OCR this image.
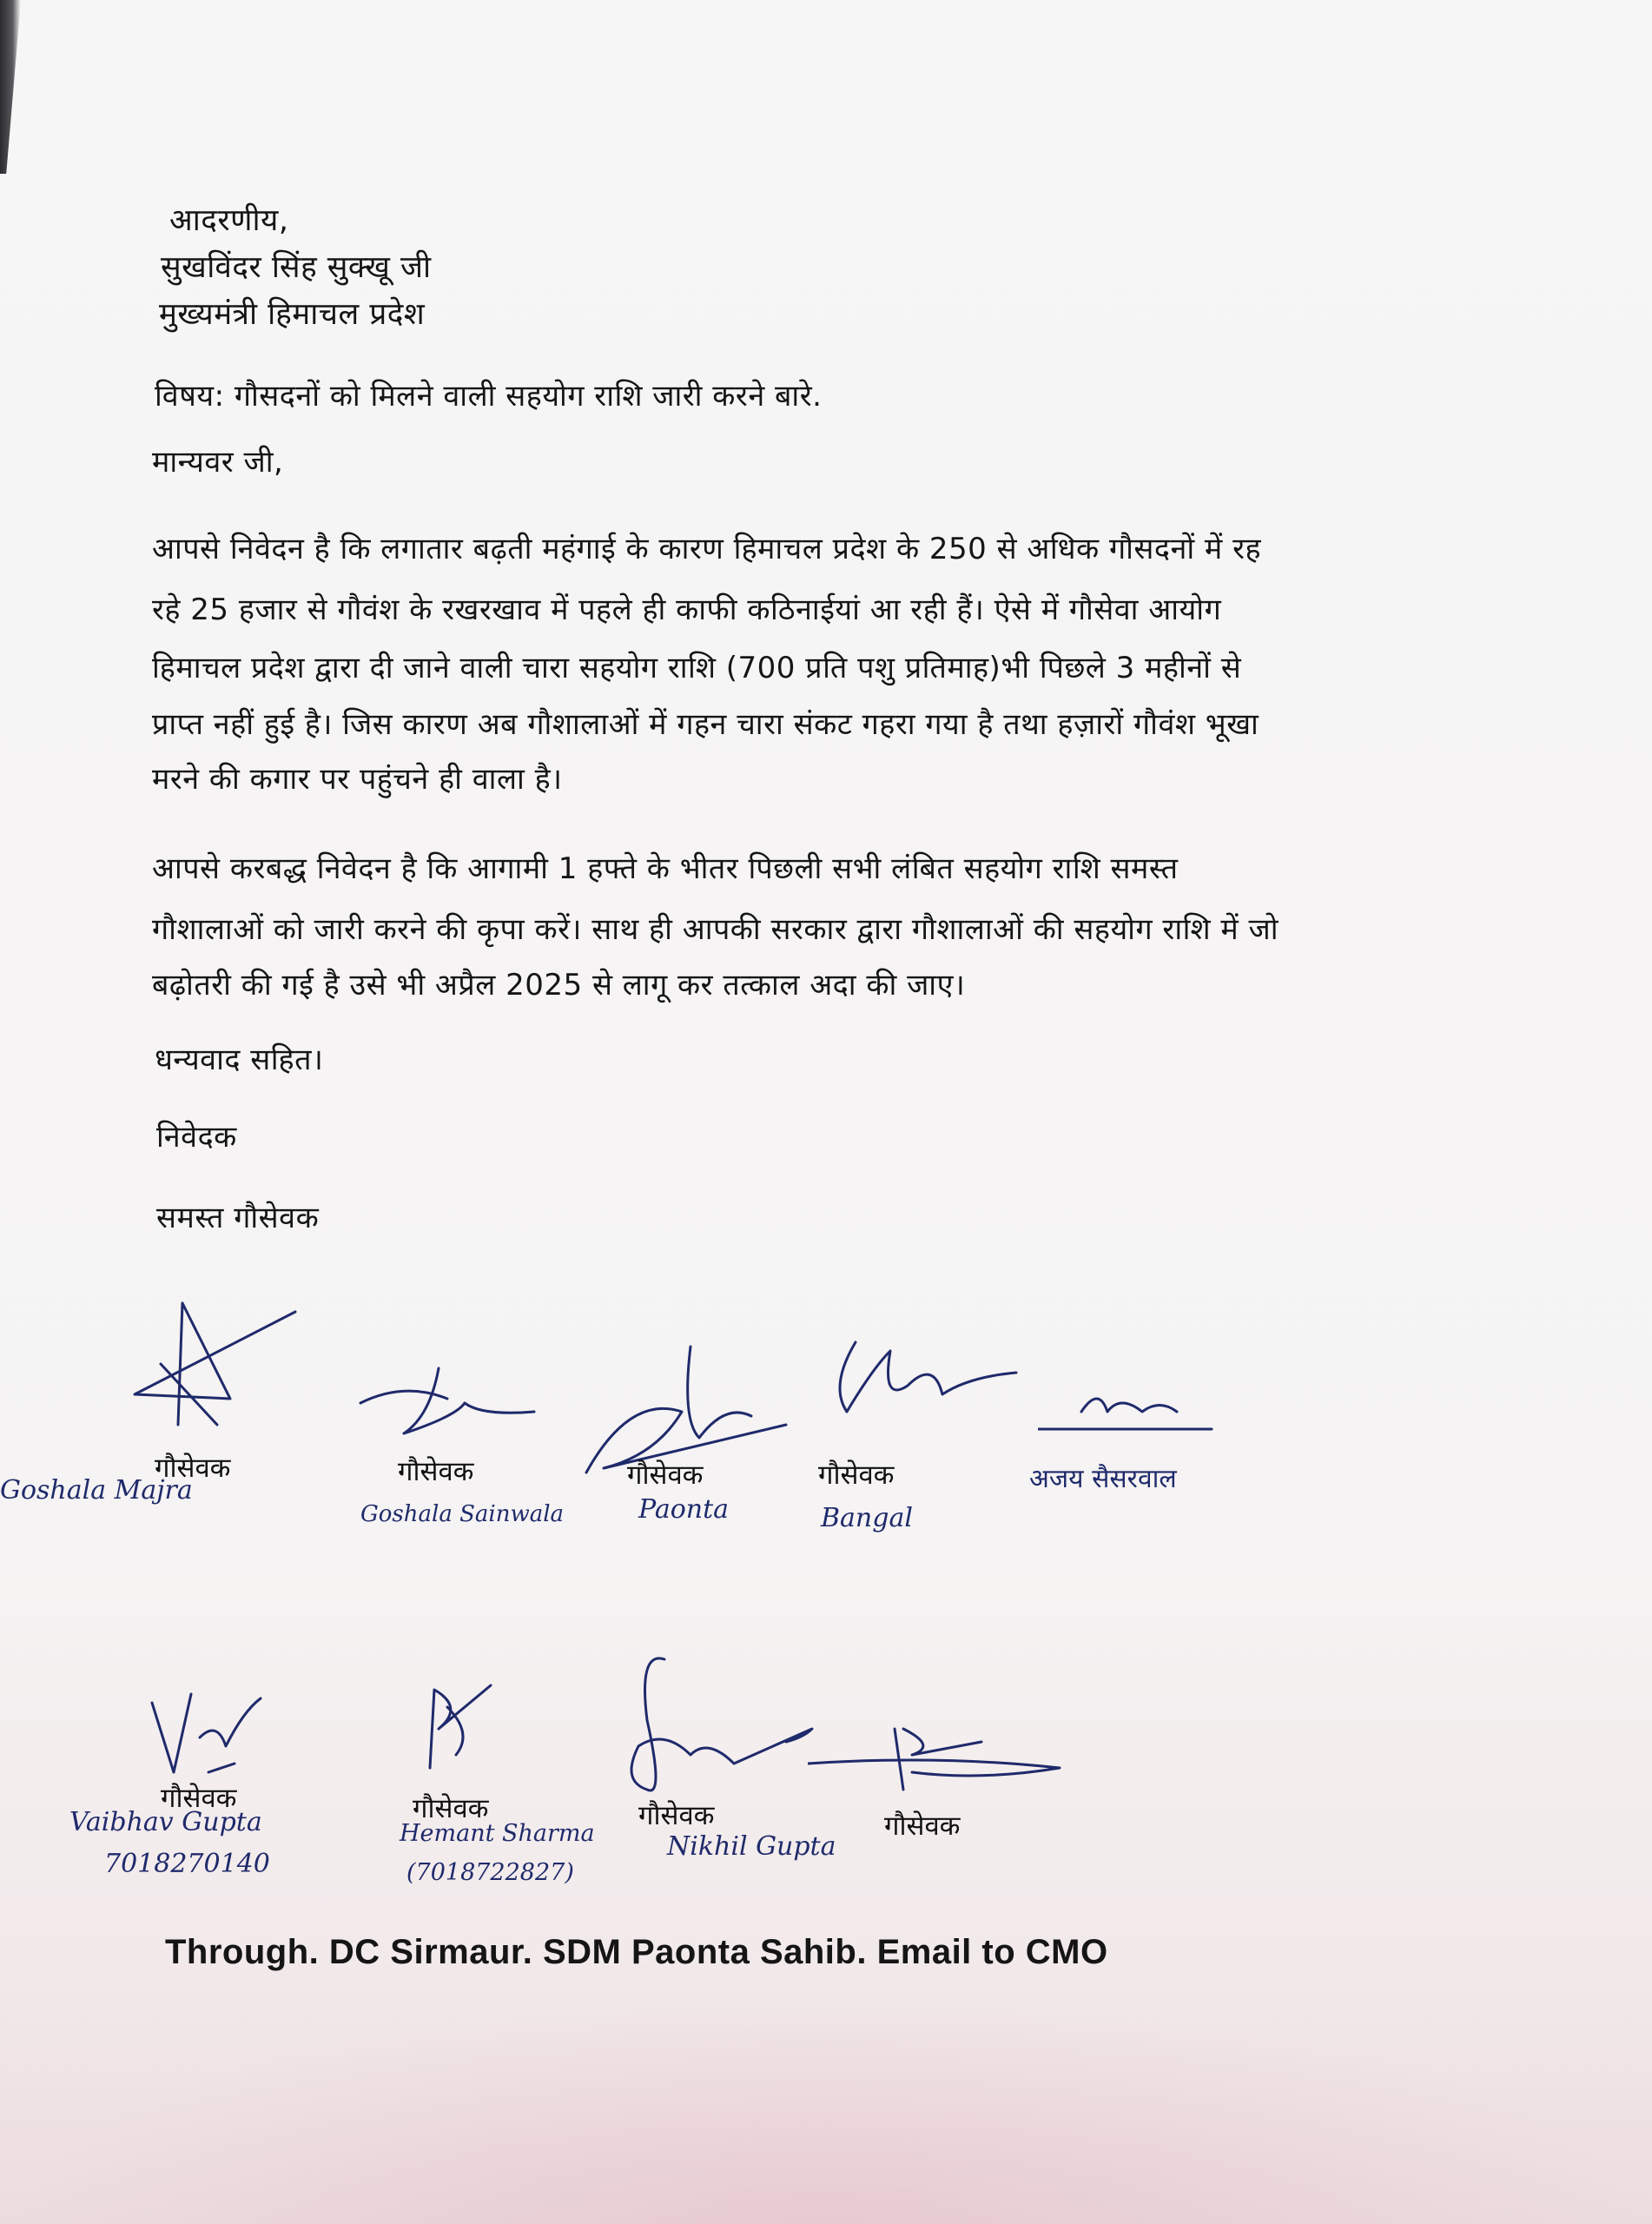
आदरणीय,
सुखविंदर सिंह सुक्खू जी
मुख्यमंत्री हिमाचल प्रदेश
विषय: गौसदनों को मिलने वाली सहयोग राशि जारी करने बारे.
मान्यवर जी,
आपसे निवेदन है कि लगातार बढ़ती महंगाई के कारण हिमाचल प्रदेश के 250 से अधिक गौसदनों में रह
रहे 25 हजार से गौवंश के रखरखाव में पहले ही काफी कठिनाईयां आ रही हैं। ऐसे में गौसेवा आयोग
हिमाचल प्रदेश द्वारा दी जाने वाली चारा सहयोग राशि (700 प्रति पशु प्रतिमाह)भी पिछले 3 महीनों से
प्राप्त नहीं हुई है। जिस कारण अब गौशालाओं में गहन चारा संकट गहरा गया है तथा हज़ारों गौवंश भूखा
मरने की कगार पर पहुंचने ही वाला है।
आपसे करबद्ध निवेदन है कि आगामी 1 हफ्ते के भीतर पिछली सभी लंबित सहयोग राशि समस्त
गौशालाओं को जारी करने की कृपा करें। साथ ही आपकी सरकार द्वारा गौशालाओं की सहयोग राशि में जो
बढ़ोतरी की गई है उसे भी अप्रैल 2025 से लागू कर तत्काल अदा की जाए।
धन्यवाद सहित।
निवेदक
समस्त गौसेवक
गौसेवक
Goshala Majra
गौसेवक
Goshala Sainwala
गौसेवक
Paonta
गौसेवक
Bangal
अजय सैसरवाल
गौसेवक
Vaibhav Gupta
7018270140
गौसेवक
Hemant Sharma
(7018722827)
गौसेवक
Nikhil Gupta
गौसेवक
Through. DC Sirmaur. SDM Paonta Sahib. Email to CMO
